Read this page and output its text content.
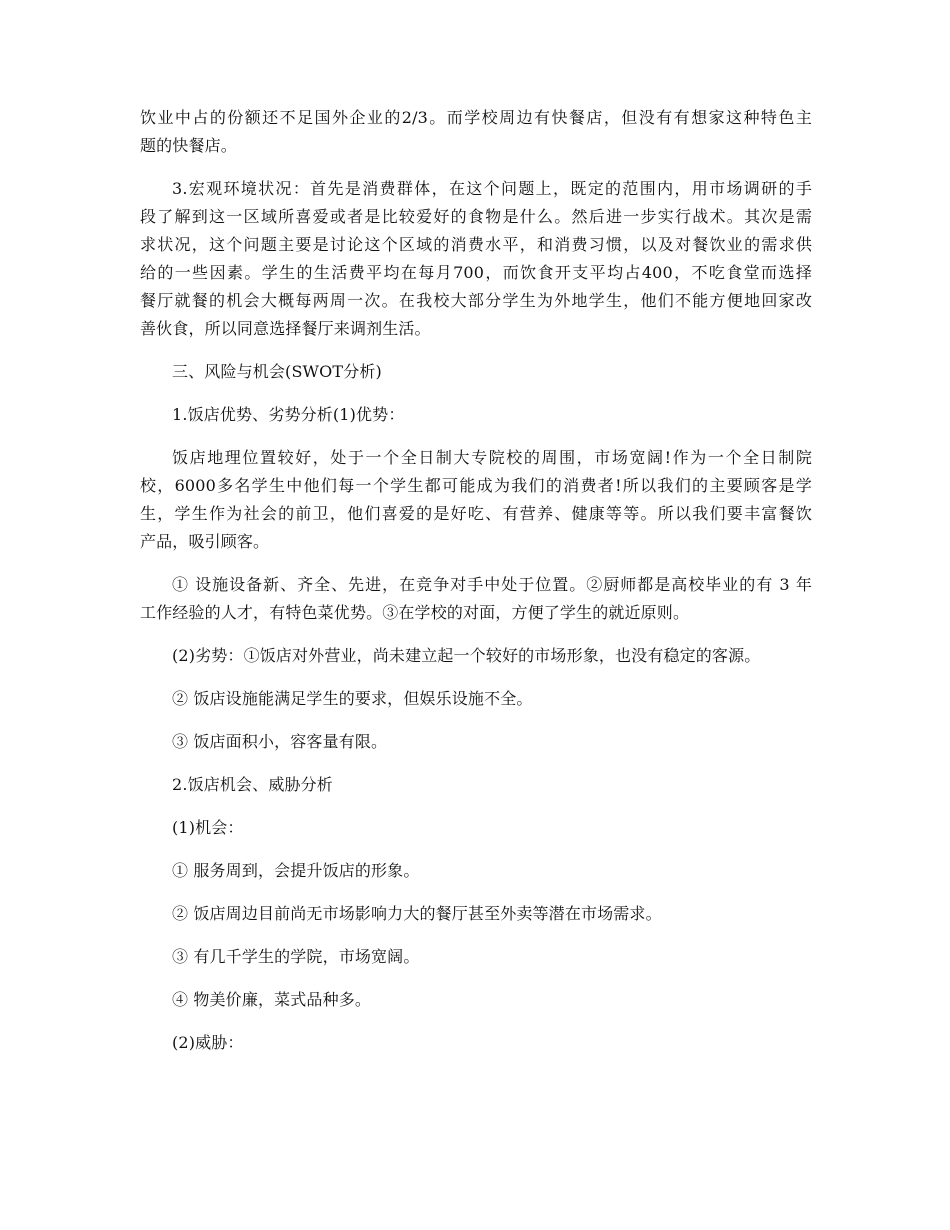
饮业中占的份额还不足国外企业的2/3。而学校周边有快餐店，但没有有想家这种特色主
题的快餐店。
3.宏观环境状况：首先是消费群体，在这个问题上，既定的范围内，用市场调研的手
段了解到这一区域所喜爱或者是比较爱好的食物是什么。然后进一步实行战术。其次是需
求状况，这个问题主要是讨论这个区域的消费水平，和消费习惯，以及对餐饮业的需求供
给的一些因素。学生的生活费平均在每月700，而饮食开支平均占400，不吃食堂而选择
餐厅就餐的机会大概每两周一次。在我校大部分学生为外地学生，他们不能方便地回家改
善伙食，所以同意选择餐厅来调剂生活。
三、风险与机会(SWOT分析)
1.饭店优势、劣势分析(1)优势：
饭店地理位置较好，处于一个全日制大专院校的周围，市场宽阔!作为一个全日制院
校，6000多名学生中他们每一个学生都可能成为我们的消费者!所以我们的主要顾客是学
生，学生作为社会的前卫，他们喜爱的是好吃、有营养、健康等等。所以我们要丰富餐饮
产品，吸引顾客。
① 设施设备新、齐全、先进，在竞争对手中处于位置。②厨师都是高校毕业的有 3 年
工作经验的人才，有特色菜优势。③在学校的对面，方便了学生的就近原则。
(2)劣势：①饭店对外营业，尚未建立起一个较好的市场形象，也没有稳定的客源。
② 饭店设施能满足学生的要求，但娱乐设施不全。
③ 饭店面积小，容客量有限。
2.饭店机会、威胁分析
(1)机会：
① 服务周到，会提升饭店的形象。
② 饭店周边目前尚无市场影响力大的餐厅甚至外卖等潜在市场需求。
③ 有几千学生的学院，市场宽阔。
④ 物美价廉，菜式品种多。
(2)威胁：
